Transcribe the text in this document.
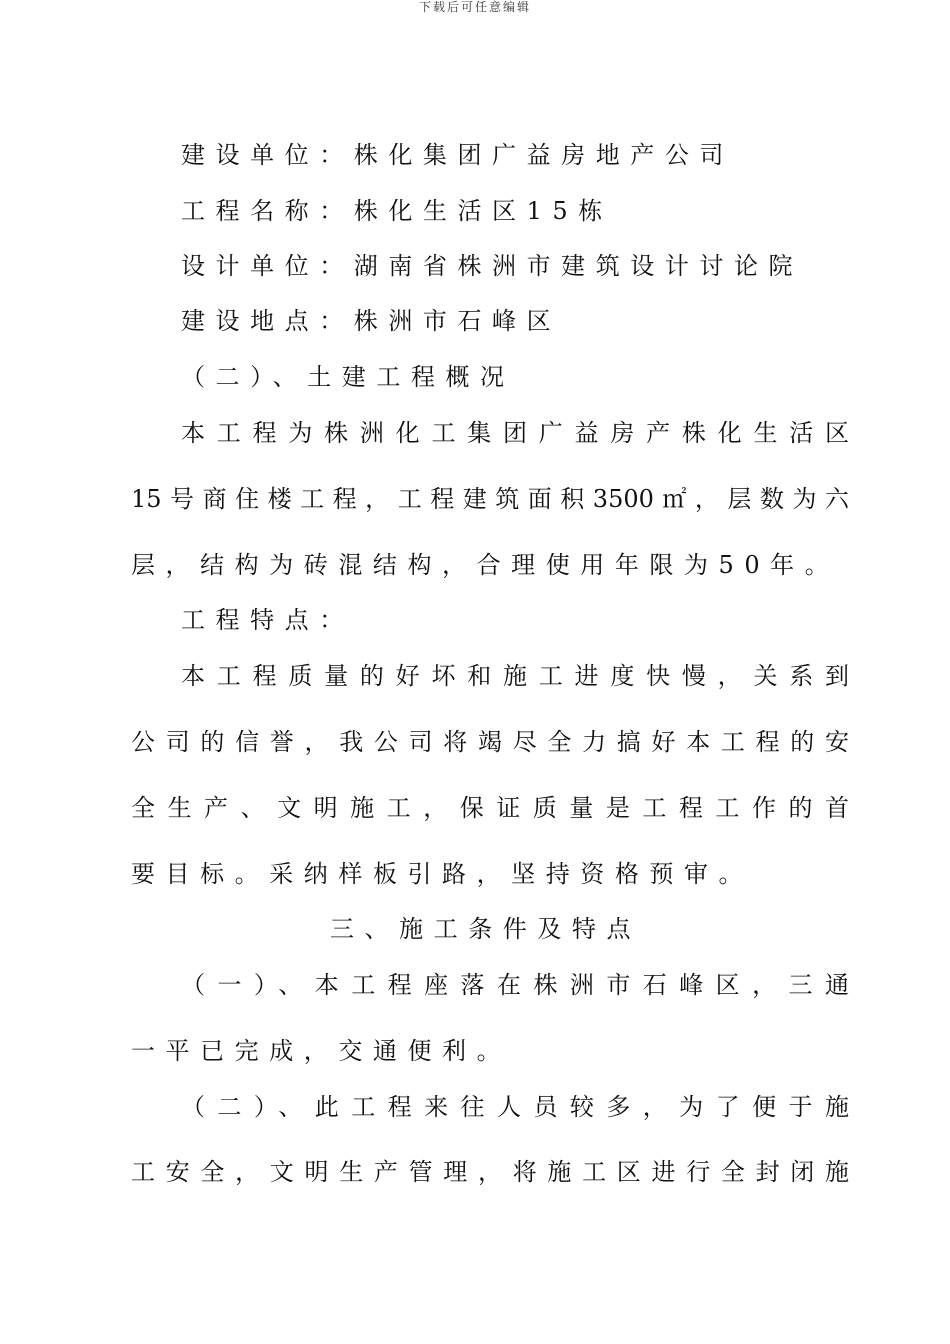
下载后可任意编辑
建设单位：株化集团广益房地产公司
工程名称：株化生活区15栋
设计单位：湖南省株洲市建筑设计讨论院
建设地点：株洲市石峰区
（二）、土建工程概况
本工程为株洲化工集团广益房产株化生活区
15号商住楼工程，工程建筑面积3500㎡，层数为六
层，结构为砖混结构，合理使用年限为50年。
工程特点：
本工程质量的好坏和施工进度快慢，关系到
公司的信誉，我公司将竭尽全力搞好本工程的安
全生产、文明施工，保证质量是工程工作的首
要目标。采纳样板引路，坚持资格预审。
三、施工条件及特点
（一）、本工程座落在株洲市石峰区，三通
一平已完成，交通便利。
（二）、此工程来往人员较多，为了便于施
工安全，文明生产管理，将施工区进行全封闭施
